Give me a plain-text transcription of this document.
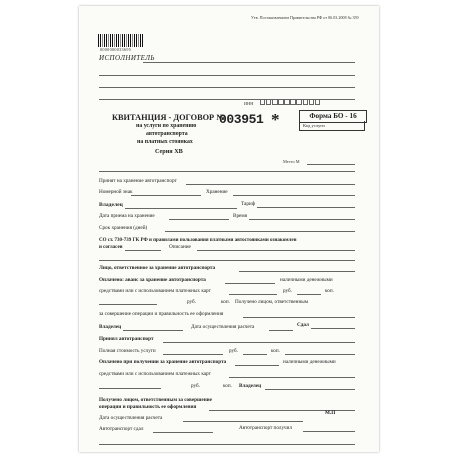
Утв. Постановлением Правительства РФ от 06.03.2008 № 359
0000000033695
ИСПОЛНИТЕЛЬ
ИНН
КВИТАНЦИЯ - ДОГОВОР №
на услуги по хранению
автотранспорта
на платных стоянках
Серия ХВ
003951 *	Форма БО - 16
Код услуги
Место М
Принят на хранение автотранспорт
Номерной знак	Хранение
Владелец	Тариф
Дата приема на хранение	Время
Срок хранения (дней)
СО ст. 730-739 ГК РФ и правилами пользования платными автостоянками ознакомлен
и согласен	Описание
Лицо, ответственное за хранение автотранспорта
Оплачено: аванс за хранение автотранспорта	наличными денежными
средствами или с использованием платежных карт	руб.	коп.
руб.	коп. Получено лицом, ответственным
за совершение операции и правильность ее оформления
Владелец	Дата осуществления расчета	Сдал
Принял автотранспорт
Полная стоимость услуги	руб.	коп.
Оплачено при получении за хранение автотранспорта	наличными денежными
средствами или с использованием платежных карт
руб.	коп. Владелец
Получено лицом, ответственным за совершение
операции и правильность ее оформления
Дата осуществления расчета
М.П
Автотранспорт сдал	Автотранспорт получил
